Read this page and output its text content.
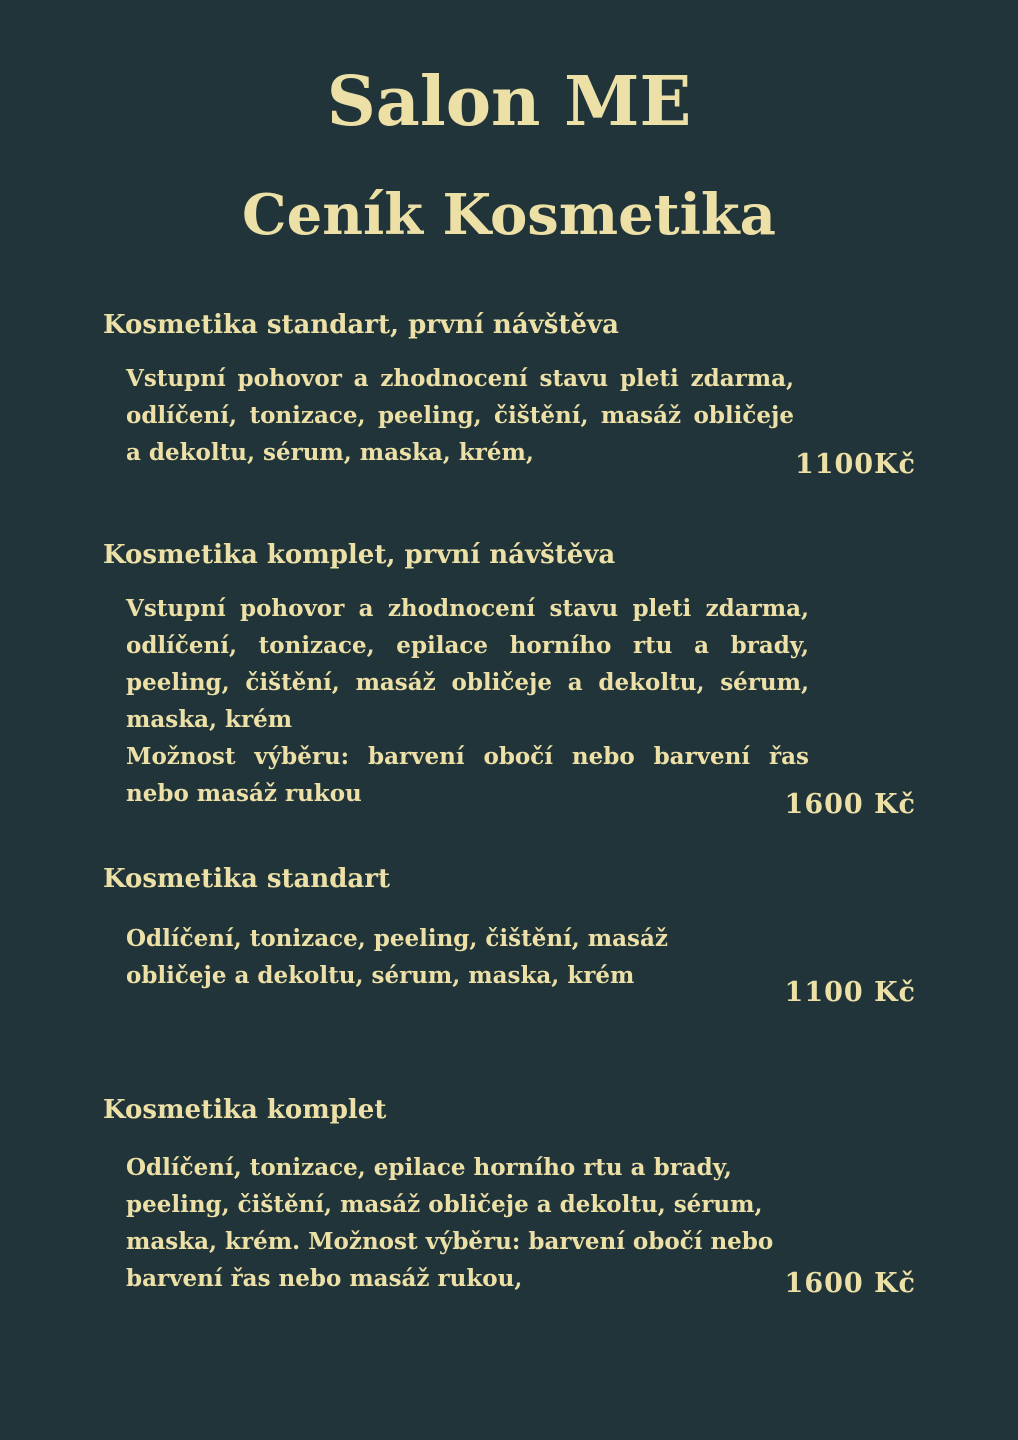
Salon ME
Ceník Kosmetika
Kosmetika standart, první návštěva

Vstupní pohovor a zhodnocení stavu pleti zdarma, odlíčení, tonizace, peeling, čištění, masáž obličeje a dekoltu, sérum, maska, krém,	1100Kč
Kosmetika komplet, první návštěva

Vstupní pohovor a zhodnocení stavu pleti zdarma, odlíčení, tonizace, epilace horního rtu a brady, peeling, čištění, masáž obličeje a dekoltu, sérum, maska, krém

Možnost výběru: barvení obočí nebo barvení řas nebo masáž rukou	1600 Kč
Kosmetika standart

Odlíčení, tonizace, peeling, čištění, masáž obličeje a dekoltu, sérum, maska, krém

1100 Kč
Kosmetika komplet

Odlíčení, tonizace, epilace horního rtu a brady, peeling, čištění, masáž obličeje a dekoltu, sérum, maska, krém. Možnost výběru: barvení obočí nebo barvení řas nebo masáž rukou,	1600 Kč
